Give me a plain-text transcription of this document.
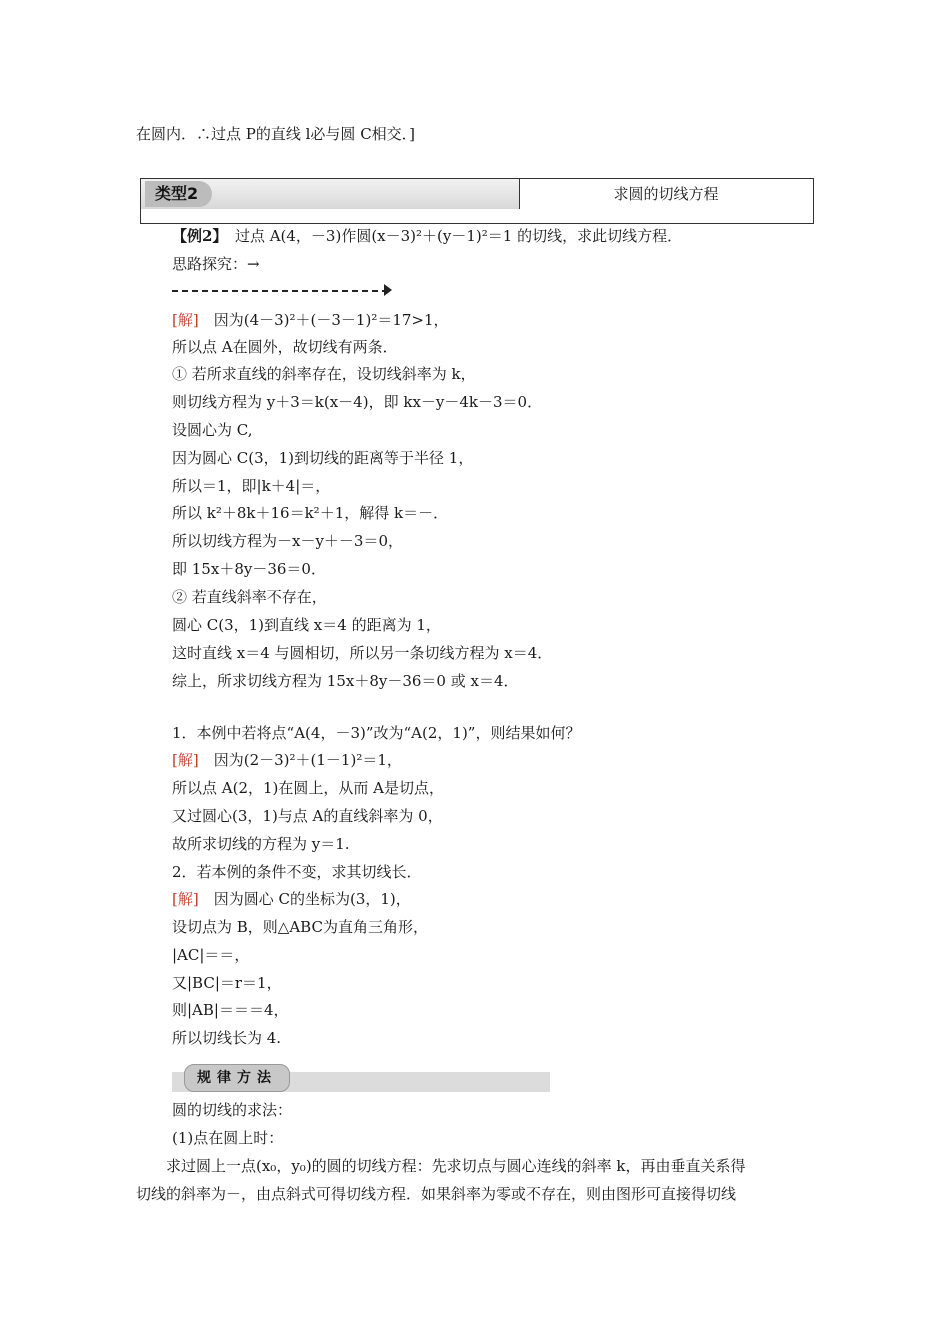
在圆内．∴过点 P的直线 l必与圆 C相交．]
类型2	求圆的切线方程
【例2】　过点 A(4，－3)作圆(x－3)²＋(y－1)²＝1 的切线，求此切线方程．
思路探究：→
[解]　因为(4－3)²＋(－3－1)²＝17>1，
所以点 A在圆外，故切线有两条．
① 若所求直线的斜率存在，设切线斜率为 k，
则切线方程为 y＋3＝k(x－4)，即 kx－y－4k－3＝0．
设圆心为 C,
因为圆心 C(3，1)到切线的距离等于半径 1，
所以＝1，即|k＋4|＝，
所以 k²＋8k＋16＝k²＋1，解得 k＝－．
所以切线方程为－x－y＋－3＝0，
即 15x＋8y－36＝0．
② 若直线斜率不存在，
圆心 C(3，1)到直线 x＝4 的距离为 1，
这时直线 x＝4 与圆相切，所以另一条切线方程为 x＝4．
综上，所求切线方程为 15x＋8y－36＝0 或 x＝4．
1．本例中若将点“A(4，－3)”改为“A(2，1)”，则结果如何？
[解]　因为(2－3)²＋(1－1)²＝1，
所以点 A(2，1)在圆上，从而 A是切点，
又过圆心(3，1)与点 A的直线斜率为 0，
故所求切线的方程为 y＝1.
2．若本例的条件不变，求其切线长．
[解]　因为圆心 C的坐标为(3，1)，
设切点为 B，则△ABC为直角三角形，
|AC|＝＝，
又|BC|＝r＝1，
则|AB|＝＝＝4，
所以切线长为 4.
规律方法
圆的切线的求法：
(1)点在圆上时：
　　求过圆上一点(x₀，y₀)的圆的切线方程：先求切点与圆心连线的斜率 k，再由垂直关系得
切线的斜率为－，由点斜式可得切线方程．如果斜率为零或不存在，则由图形可直接得切线
